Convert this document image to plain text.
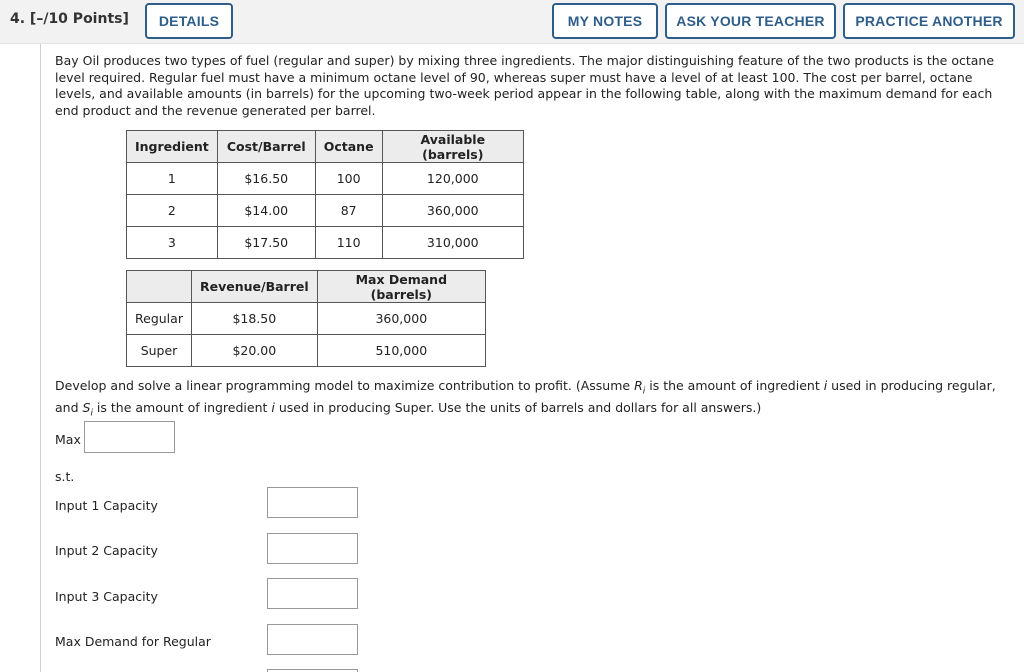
4. [–/10 Points]	DETAILS	MY NOTES	ASK YOUR TEACHER	PRACTICE ANOTHER
Bay Oil produces two types of fuel (regular and super) by mixing three ingredients. The major distinguishing feature of the two products is the octane level required. Regular fuel must have a minimum octane level of 90, whereas super must have a level of at least 100. The cost per barrel, octane levels, and available amounts (in barrels) for the upcoming two-week period appear in the following table, along with the maximum demand for each end product and the revenue generated per barrel.
Ingredient	Cost/Barrel	Octane	Available (barrels)
1	$16.50	100	120,000
2	$14.00	87	360,000
3	$17.50	110	310,000
	Revenue/Barrel	Max Demand (barrels)
Regular	$18.50	360,000
Super	$20.00	510,000
Develop and solve a linear programming model to maximize contribution to profit. (Assume $R_i$ is the amount of ingredient i used in producing regular, and $S_i$ is the amount of ingredient i used in producing Super. Use the units of barrels and dollars for all answers.)
Max
s.t.
Input 1 Capacity
Input 2 Capacity
Input 3 Capacity
Max Demand for Regular
